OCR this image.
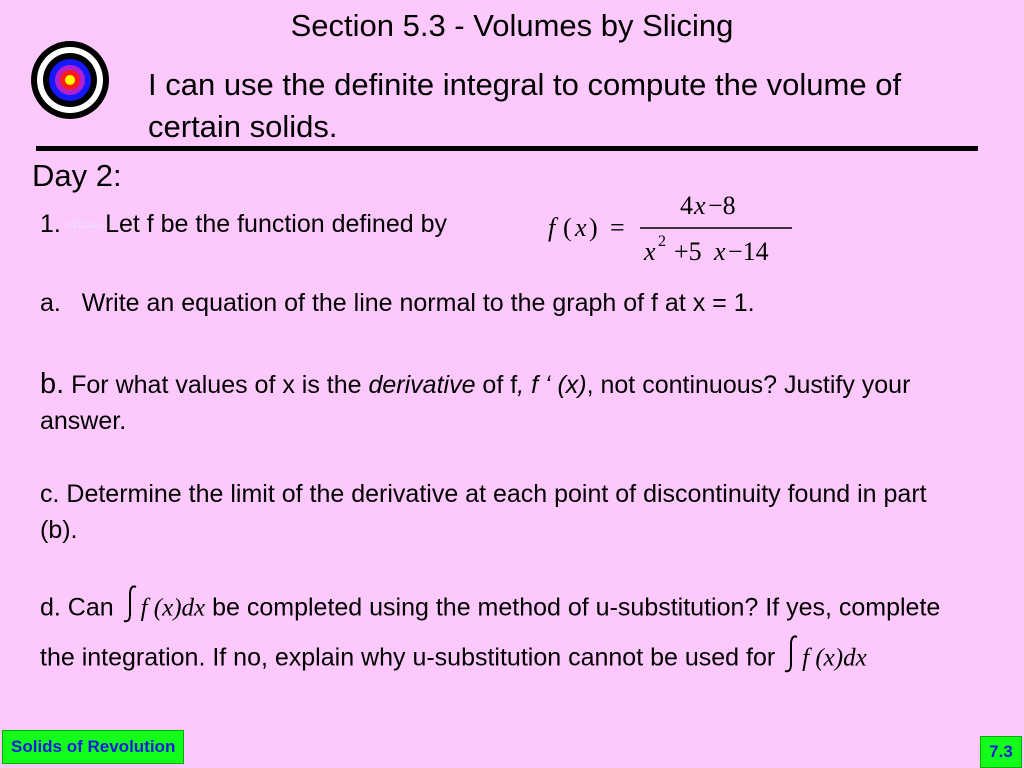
Section 5.3 - Volumes by Slicing
I can use the definite integral to compute the volume of certain solids.
Day 2:
1. 02111a-cLet f be the function defined by	f ( x ) =
4 x −8
x 2 +5 x −14
a. Write an equation of the line normal to the graph of f at x = 1.
b. For what values of x is the derivative of f, f ‘ (x), not continuous? Justify your answer.
c. Determine the limit of the derivative at each point of discontinuity found in part (b).
d. Can f (x)dx be completed using the method of u-substitution? If yes, complete the integration. If no, explain why u-substitution cannot be used for f (x)dx
Solids of Revolution	7.3
